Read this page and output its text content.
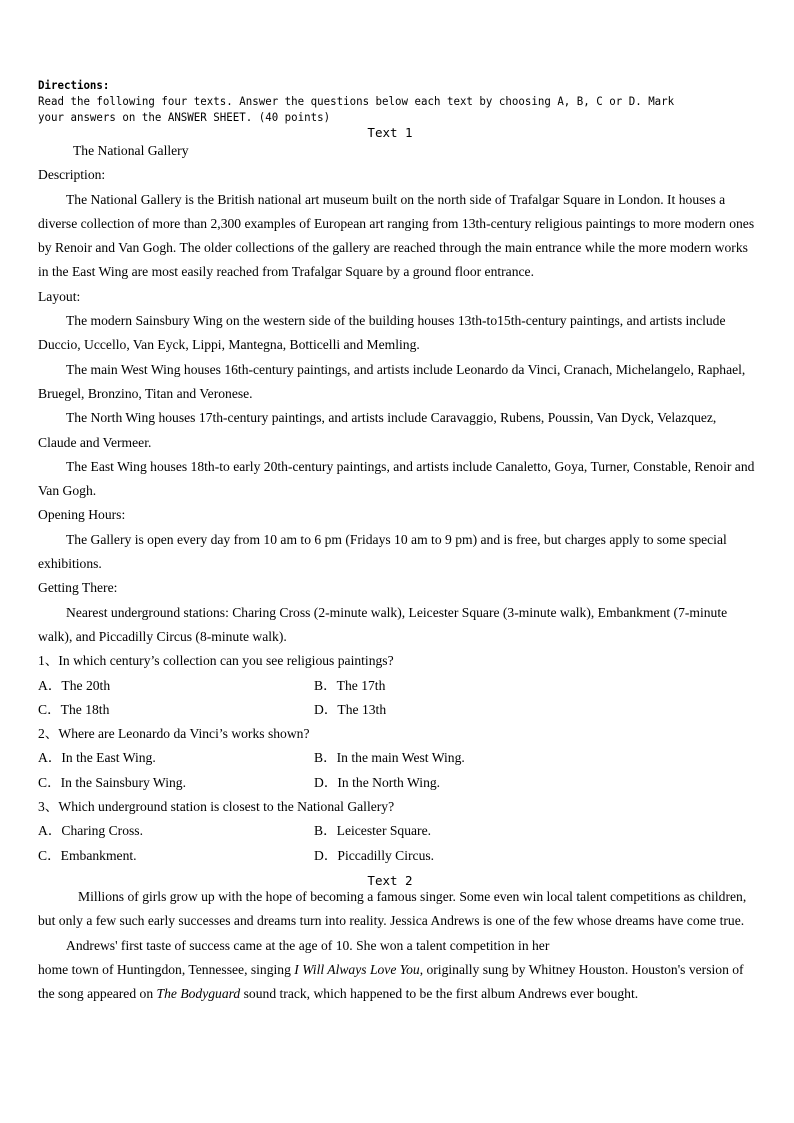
Directions:
Read the following four texts. Answer the questions below each text by choosing A, B, C or D. Mark
your answers on the ANSWER SHEET. (40 points)
Text 1

The National Gallery

Description:

The National Gallery is the British national art museum built on the north side of Trafalgar Square in London. It houses a diverse collection of more than 2,300 examples of European art ranging from 13th-century religious paintings to more modern ones by Renoir and Van Gogh. The older collections of the gallery are reached through the main entrance while the more modern works in the East Wing are most easily reached from Trafalgar Square by a ground floor entrance.

Layout:

The modern Sainsbury Wing on the western side of the building houses 13th-to15th-century paintings, and artists include Duccio, Uccello, Van Eyck, Lippi, Mantegna, Botticelli and Memling.

The main West Wing houses 16th-century paintings, and artists include Leonardo da Vinci, Cranach, Michelangelo, Raphael, Bruegel, Bronzino, Titan and Veronese.

The North Wing houses 17th-century paintings, and artists include Caravaggio, Rubens, Poussin, Van Dyck, Velazquez, Claude and Vermeer.

The East Wing houses 18th-to early 20th-century paintings, and artists include Canaletto, Goya, Turner, Constable, Renoir and Van Gogh.

Opening Hours:

The Gallery is open every day from 10 am to 6 pm (Fridays 10 am to 9 pm) and is free, but charges apply to some special exhibitions.

Getting There:

Nearest underground stations: Charing Cross (2-minute walk), Leicester Square (3-minute walk), Embankment (7-minute walk), and Piccadilly Circus (8-minute walk).

1、In which century’s collection can you see religious paintings?

A．The 20th	B．The 17th
C．The 18th	D．The 13th

2、Where are Leonardo da Vinci’s works shown?

A．In the East Wing.	B．In the main West Wing.
C．In the Sainsbury Wing.	D．In the North Wing.

3、Which underground station is closest to the National Gallery?

A．Charing Cross.	B．Leicester Square.
C．Embankment.	D．Piccadilly Circus.
Text 2

Millions of girls grow up with the hope of becoming a famous singer. Some even win local talent competitions as children, but only a few such early successes and dreams turn into reality. Jessica Andrews is one of the few whose dreams have come true.

Andrews' first taste of success came at the age of 10. She won a talent competition in her

home town of Huntingdon, Tennessee, singing I Will Always Love You, originally sung by Whitney Houston. Houston's version of the song appeared on The Bodyguard sound track, which happened to be the first album Andrews ever bought.
